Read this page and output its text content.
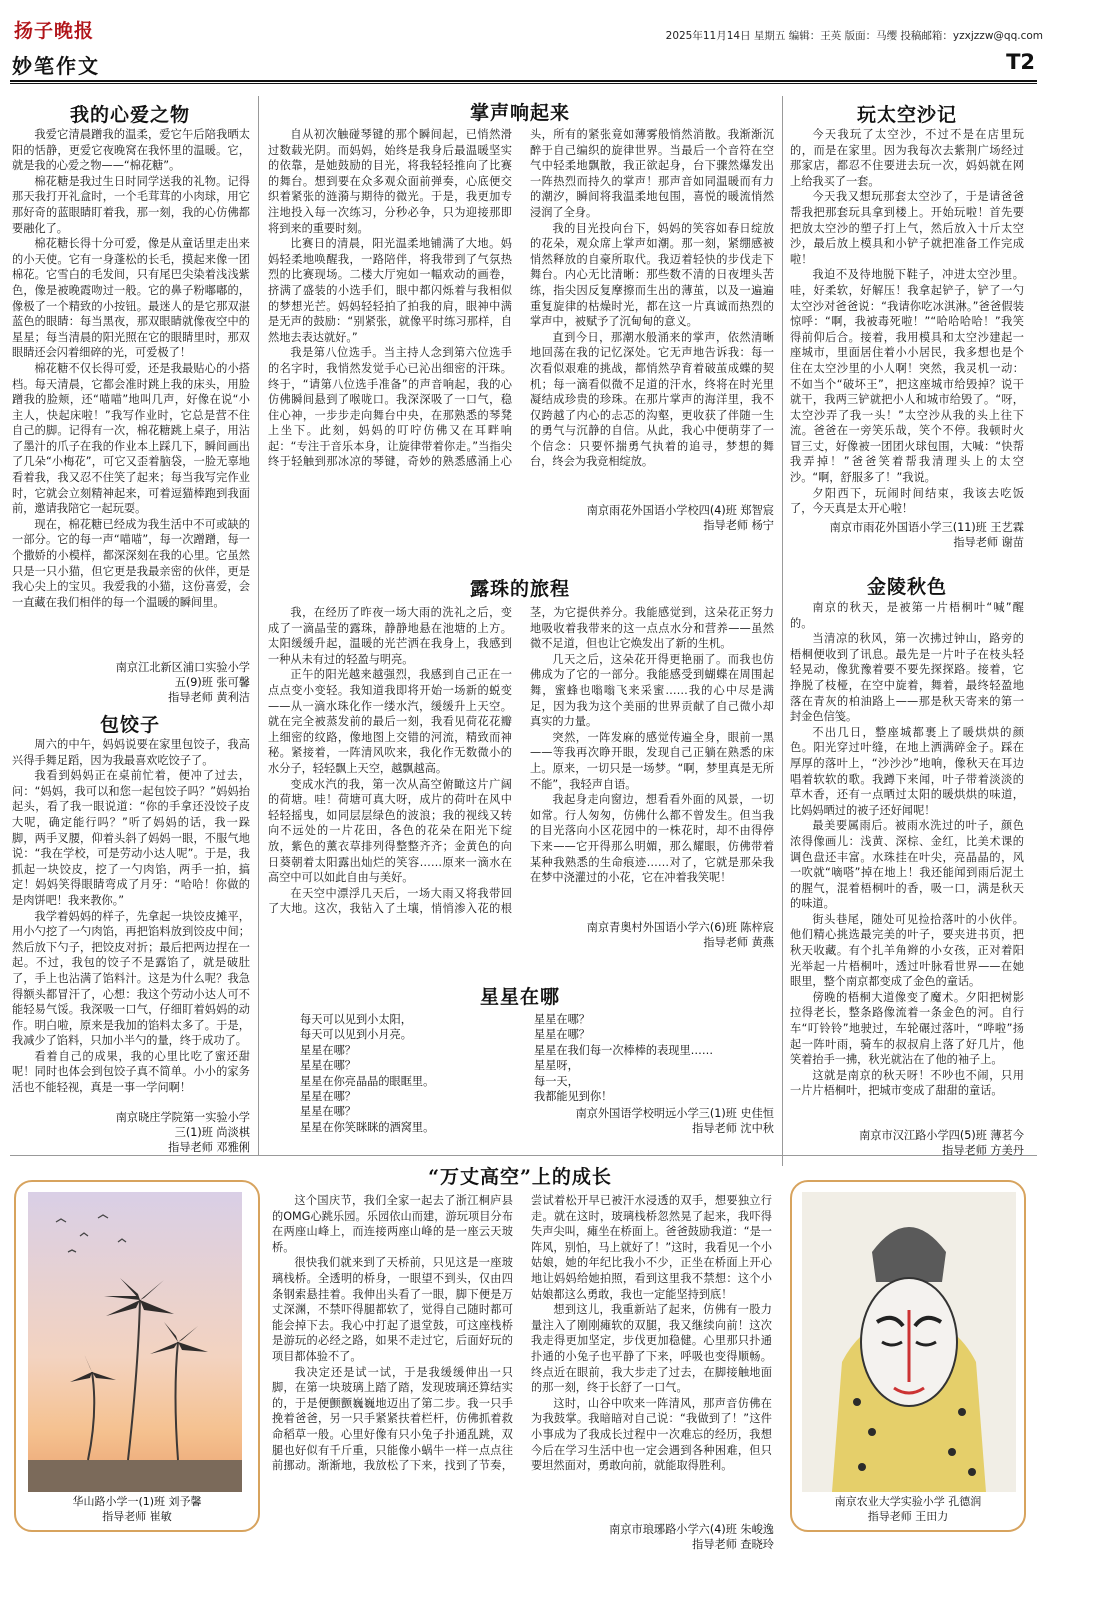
扬子晚报	2025年11月14日 星期五 编辑：王英 版面：马缨 投稿邮箱：yzxjzzw@qq.com
妙笔作文	T2
我的心爱之物

我爱它清晨蹭我的温柔，爱它午后陪我晒太阳的恬静，更爱它夜晚窝在我怀里的温暖。它，就是我的心爱之物——“棉花糖”。

棉花糖是我过生日时同学送我的礼物。记得那天我打开礼盒时，一个毛茸茸的小肉球，用它那好奇的蓝眼睛盯着我，那一刻，我的心仿佛都要融化了。

棉花糖长得十分可爱，像是从童话里走出来的小天使。它有一身蓬松的长毛，摸起来像一团棉花。它雪白的毛发间，只有尾巴尖染着浅浅紫色，像是被晚霞吻过一般。它的鼻子粉嘟嘟的，像极了一个精致的小按钮。最迷人的是它那双湛蓝色的眼睛：每当黑夜，那双眼睛就像夜空中的星星；每当清晨的阳光照在它的眼睛里时，那双眼睛还会闪着细碎的光，可爱极了！

棉花糖不仅长得可爱，还是我最贴心的小搭档。每天清晨，它都会准时跳上我的床头，用脸蹭我的脸颊，还“喵喵”地叫几声，好像在说“小主人，快起床啦！”我写作业时，它总是营不住自己的脚。记得有一次，棉花糖跳上桌子，用沾了墨汁的爪子在我的作业本上踩几下，瞬间画出了几朵“小梅花”，可它又歪着脑袋，一脸无辜地看着我，我又忍不住笑了起来；每当我写完作业时，它就会立刻精神起来，可着逗猫棒跑到我面前，邀请我陪它一起玩耍。

现在，棉花糖已经成为我生活中不可或缺的一部分。它的每一声“喵喵”，每一次蹭蹭，每一个撒娇的小模样，都深深刻在我的心里。它虽然只是一只小猫，但它更是我最亲密的伙伴，更是我心尖上的宝贝。我爱我的小猫，这份喜爱，会一直藏在我们相伴的每一个温暖的瞬间里。

南京江北新区浦口实验小学
五(9)班 张可馨
指导老师 黄利洁
包饺子

周六的中午，妈妈说要在家里包饺子，我高兴得手舞足蹈，因为我最喜欢吃饺子了。

我看到妈妈正在桌前忙着，便冲了过去，问：“妈妈，我可以和您一起包饺子吗？”妈妈抬起头，看了我一眼说道：“你的手拿还没饺子皮大呢，确定能行吗？”听了妈妈的话，我一跺脚，两手叉腰，仰着头斜了妈妈一眼，不服气地说：“我在学校，可是劳动小达人呢”。于是，我抓起一块饺皮，挖了一勺肉馅，两手一拍，搞定！妈妈笑得眼睛弯成了月牙：“哈哈！你做的是肉饼吧！我来教你。”

我学着妈妈的样子，先拿起一块饺皮摊平，用小勺挖了一勺肉馅，再把馅料放到饺皮中间；然后放下勺子，把饺皮对折；最后把两边捏在一起。不过，我包的饺子不是露馅了，就是破肚了，手上也沾满了馅料汁。这是为什么呢？我急得额头都冒汗了，心想：我这个劳动小达人可不能轻易气馁。我深吸一口气，仔细盯着妈妈的动作。明白啦，原来是我加的馅料太多了。于是，我减少了馅料，只加小半勺的量，终于成功了。

看着自己的成果，我的心里比吃了蜜还甜呢！同时也体会到包饺子真不简单。小小的家务活也不能轻视，真是一事一学问啊！

南京晓庄学院第一实验小学
三(1)班 尚淡棋
指导老师 邓雅俐
掌声响起来

自从初次触碰琴键的那个瞬间起，已悄然滑过数载光阴。而妈妈，始终是我身后最温暖坚实的依靠，是她鼓励的目光，将我轻轻推向了比赛的舞台。想到要在众多观众面前弹奏，心底便交织着紧张的涟漪与期待的微光。于是，我更加专注地投入每一次练习，分秒必争，只为迎接那即将到来的重要时刻。

比赛日的清晨，阳光温柔地铺满了大地。妈妈轻柔地唤醒我，一路陪伴，将我带到了气氛热烈的比赛现场。二楼大厅宛如一幅欢动的画卷，挤满了盛装的小选手们，眼中都闪烁着与我相似的梦想光芒。妈妈轻轻拍了拍我的肩，眼神中满是无声的鼓励：“别紧张，就像平时练习那样，自然地去表达就好。”

我是第八位选手。当主持人念到第六位选手的名字时，我悄然发觉手心已沁出细密的汗珠。终于，“请第八位选手准备”的声音响起，我的心仿佛瞬间悬到了喉咙口。我深深吸了一口气，稳住心神，一步步走向舞台中央，在那熟悉的琴凳上坐下。此刻，妈妈的叮咛仿佛又在耳畔响起：“专注于音乐本身，让旋律带着你走。”当指尖终于轻触到那冰凉的琴键，奇妙的熟悉感涌上心头，所有的紧张竟如薄雾般悄然消散。我渐渐沉醉于自己编织的旋律世界。当最后一个音符在空气中轻柔地飘散，我正欲起身，台下骤然爆发出一阵热烈而持久的掌声！那声音如同温暖而有力的潮汐，瞬间将我温柔地包围，喜悦的暖流悄然浸润了全身。

我的目光投向台下，妈妈的笑容如春日绽放的花朵，观众席上掌声如潮。那一刻，紧绷感被悄然释放的自豪所取代。我迈着轻快的步伐走下舞台。内心无比清晰：那些数不清的日夜埋头苦练，指尖因反复摩擦而生出的薄茧，以及一遍遍重复旋律的枯燥时光，都在这一片真诚而热烈的掌声中，被赋予了沉甸甸的意义。

直到今日，那潮水般涌来的掌声，依然清晰地回荡在我的记忆深处。它无声地告诉我：每一次看似艰难的挑战，都悄然孕育着破茧成蝶的契机；每一滴看似微不足道的汗水，终将在时光里凝结成珍贵的珍珠。在那片掌声的海洋里，我不仅跨越了内心的忐忑的沟壑，更收获了伴随一生的勇气与沉静的自信。从此，我心中便萌芽了一个信念：只要怀揣勇气执着的追寻，梦想的舞台，终会为我竞相绽放。

南京雨花外国语小学校四(4)班 郑智宸
指导老师 杨宁
玩太空沙记

今天我玩了太空沙，不过不是在店里玩的，而是在家里。因为我每次去紫荆广场经过那家店，都忍不住要进去玩一次，妈妈就在网上给我买了一套。

今天我又想玩那套太空沙了，于是请爸爸帮我把那套玩具拿到楼上。开始玩啦！首先要把放太空沙的塑子打上气，然后放入十斤太空沙，最后放上模具和小铲子就把准备工作完成啦！

我迫不及待地脱下鞋子，冲进太空沙里。哇，好柔软，好解压！我拿起铲子，铲了一勺太空沙对爸爸说：“我请你吃冰淇淋。”爸爸假装惊呼：“啊，我被毒死啦！”“哈哈哈哈！”我笑得前仰后合。接着，我用模具和太空沙建起一座城市，里面居住着小小居民，我多想也是个住在太空沙里的小人啊！突然，我灵机一动：不如当个“破坏王”，把这座城市给毁掉？说干就干，我两三铲就把小人和城市给毁了。“呀，太空沙弄了我一头！”太空沙从我的头上往下流。爸爸在一旁笑乐哉，笑个不停。我顿时火冒三丈，好像被一团团火球包围，大喊：“快帮我弄掉！”爸爸笑着帮我清理头上的太空沙。“啊，舒服多了！”我说。

夕阳西下，玩闹时间结束，我该去吃饭了，今天真是太开心啦！

南京市雨花外国语小学三(11)班 王艺霖
指导老师 谢苗
露珠的旅程

我，在经历了昨夜一场大雨的洗礼之后，变成了一滴晶莹的露珠，静静地悬在池塘的上方。太阳缓缓升起，温暖的光芒洒在我身上，我感到一种从未有过的轻盈与明亮。

正午的阳光越来越强烈，我感到自己正在一点点变小变轻。我知道我即将开始一场新的蜕变——从一滴水珠化作一缕水汽，缓缓升上天空。就在完全被蒸发前的最后一刻，我看见荷花花瓣上细密的纹路，像地图上交错的河流，精致而神秘。紧接着，一阵清风吹来，我化作无数微小的水分子，轻轻飘上天空，越飘越高。

变成水汽的我，第一次从高空俯瞰这片广阔的荷塘。哇！荷塘可真大呀，成片的荷叶在风中轻轻摇曳，如同层层绿色的波浪；我的视线又转向不远处的一片花田，各色的花朵在阳光下绽放，紫色的薰衣草排列得整整齐齐；金黄色的向日葵朝着太阳露出灿烂的笑容……原来一滴水在高空中可以如此自由与美好。

在天空中漂浮几天后，一场大雨又将我带回了大地。这次，我钻入了土壤，悄悄渗入花的根茎，为它提供养分。我能感觉到，这朵花正努力地吸收着我带来的这一点点水分和营养——虽然微不足道，但也让它焕发出了新的生机。

几天之后，这朵花开得更艳丽了。而我也仿佛成为了它的一部分。我能感受到蝴蝶在周围起舞，蜜蜂也嗡嗡飞来采蜜……我的心中尽是满足，因为我为这个美丽的世界贡献了自己微小却真实的力量。

突然，一阵发麻的感觉传遍全身，眼前一黑——等我再次睁开眼，发现自己正躺在熟悉的床上。原来，一切只是一场梦。“啊，梦里真是无所不能”，我轻声自语。

我起身走向窗边，想看看外面的风景，一切如常。行人匆匆，仿佛什么都不曾发生。但当我的目光落向小区花园中的一株花时，却不由得停下来——它开得那么明媚，那么耀眼，仿佛带着某种我熟悉的生命痕迹……对了，它就是那朵我在梦中浇灌过的小花，它在冲着我笑呢！

南京青奥村外国语小学六(6)班 陈梓宸
指导老师 黄燕
金陵秋色

南京的秋天，是被第一片梧桐叶“喊”醒的。

当清凉的秋风，第一次拂过钟山，路旁的梧桐便收到了讯息。最先是一片叶子在枝头轻轻晃动，像犹豫着要不要先探探路。接着，它挣脱了枝桠，在空中旋着，舞着，最终轻盈地落在青灰的柏油路上——那是秋天寄来的第一封金色信笺。

不出几日，整座城都裹上了暖烘烘的颜色。阳光穿过叶缝，在地上洒满碎金子。踩在厚厚的落叶上，“沙沙沙”地响，像秋天在耳边唱着软软的歌。我蹲下来闻，叶子带着淡淡的草木香，还有一点晒过太阳的暖烘烘的味道，比妈妈晒过的被子还好闻呢！

最美要属雨后。被雨水洗过的叶子，颜色浓得像画儿：浅黄、深棕、金红，比美术课的调色盘还丰富。水珠挂在叶尖，亮晶晶的，风一吹就“嘀嗒”掉在地上！我还能闻到雨后泥土的腥气，混着梧桐叶的香，吸一口，满是秋天的味道。

街头巷尾，随处可见捡拾落叶的小伙伴。他们精心挑选最完美的叶子，要夹进书页，把秋天收藏。有个扎羊角辫的小女孩，正对着阳光举起一片梧桐叶，透过叶脉看世界——在她眼里，整个南京都变成了金色的童话。

傍晚的梧桐大道像变了魔术。夕阳把树影拉得老长，整条路像流着一条金色的河。自行车“叮铃铃”地驶过，车轮碾过落叶，“哗啦”扬起一阵叶雨，骑车的叔叔肩上落了好几片，他笑着抬手一拂，秋光就沾在了他的袖子上。

这就是南京的秋天呀！不吵也不闹，只用一片片梧桐叶，把城市变成了甜甜的童话。

南京市汉江路小学四(5)班 薄茗今
指导老师 方美丹
星星在哪
每天可以见到小太阳，
每天可以见到小月亮。
星星在哪？
星星在哪？
星星在你亮晶晶的眼眶里。
星星在哪？
星星在哪？
星星在你笑眯眯的酒窝里。
星星在哪？
星星在哪？
星星在我们每一次棒棒的表现里……
星星呀，
每一天，
我都能见到你！
南京外国语学校明远小学三(1)班 史佳恒
指导老师 沈中秋
“万丈高空”上的成长

这个国庆节，我们全家一起去了浙江桐庐县的OMG心跳乐园。乐园依山而建，游玩项目分布在两座山峰上，而连接两座山峰的是一座云天玻桥。

很快我们就来到了天桥前，只见这是一座玻璃栈桥。全透明的桥身，一眼望不到头，仅由四条钢索悬挂着。我伸出头看了一眼，脚下便是万丈深渊，不禁吓得腿都软了，觉得自己随时都可能会掉下去。我心中打起了退堂鼓，可这座栈桥是游玩的必经之路，如果不走过它，后面好玩的项目都体验不了。

我决定还是试一试，于是我缓缓伸出一只脚，在第一块玻璃上踏了踏，发现玻璃还算结实的，于是便颤颤巍巍地迈出了第二步。我一只手挽着爸爸，另一只手紧紧扶着栏杆，仿佛抓着救命稻草一般。心里好像有只小兔子扑通乱跳，双腿也好似有千斤重，只能像小蜗牛一样一点点往前挪动。渐渐地，我放松了下来，找到了节奏，尝试着松开早已被汗水浸透的双手，想要独立行走。就在这时，玻璃栈桥忽然晃了起来，我吓得失声尖叫，瘫坐在桥面上。爸爸鼓励我道：“是一阵风，别怕，马上就好了！”这时，我看见一个小姑娘，她的年纪比我小不少，正坐在桥面上开心地让妈妈给她拍照，看到这里我不禁想：这个小姑娘都这么勇敢，我也一定能坚持到底！

想到这儿，我重新站了起来，仿佛有一股力量注入了刚刚瘫软的双腿，我又继续向前！这次我走得更加坚定，步伐更加稳健。心里那只扑通扑通的小兔子也平静了下来，呼吸也变得顺畅。终点近在眼前，我大步走了过去，在脚接触地面的那一刻，终于长舒了一口气。

这时，山谷中吹来一阵清风，那声音仿佛在为我鼓掌。我暗暗对自己说：“我做到了！”这件小事成为了我成长过程中一次难忘的经历，我想今后在学习生活中也一定会遇到各种困难，但只要坦然面对，勇敢向前，就能取得胜利。

南京市琅琊路小学六(4)班 朱峻逸
指导老师 查晓玲
华山路小学一(1)班 刘予馨
指导老师 崔敏
南京农业大学实验小学 孔德润
指导老师 王田力
